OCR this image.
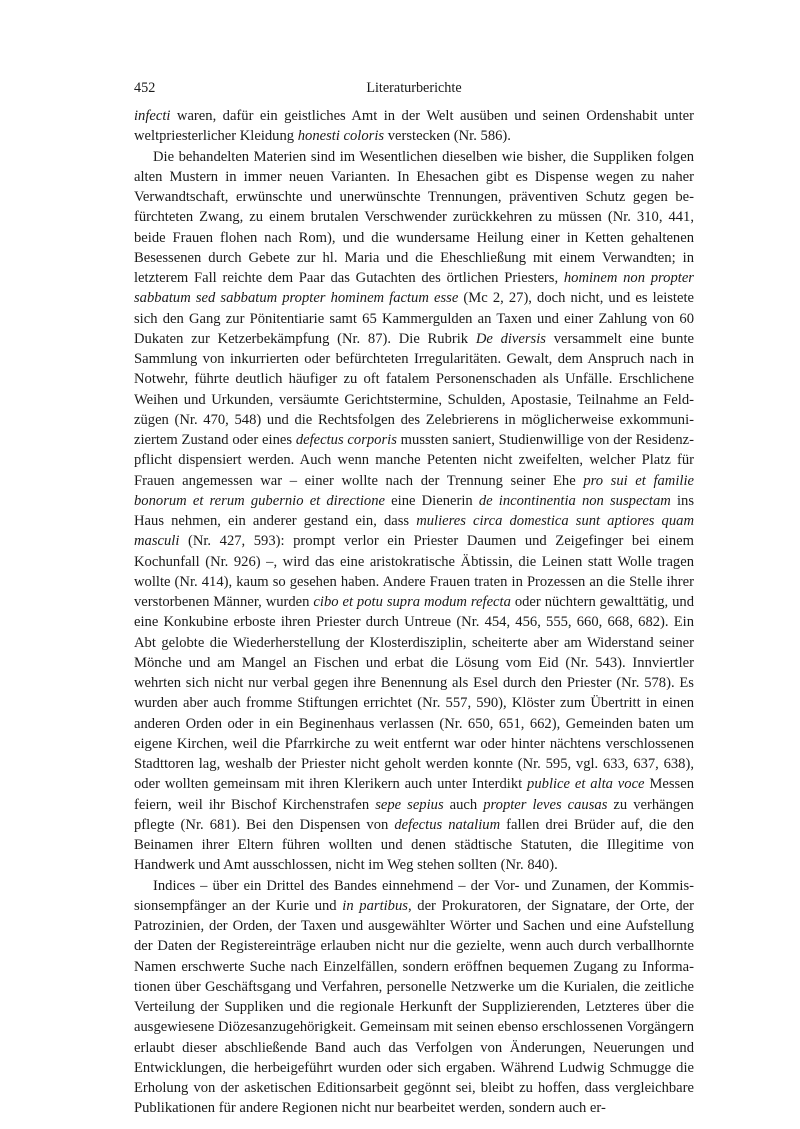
452	Literaturberichte

infecti waren, dafür ein geistliches Amt in der Welt ausüben und seinen Ordenshabit unter weltpriesterlicher Kleidung honesti coloris verstecken (Nr. 586).

Die behandelten Materien sind im Wesentlichen dieselben wie bisher, die Suppliken folgen alten Mustern in immer neuen Varianten. In Ehesachen gibt es Dispense wegen zu naher Verwandtschaft, erwünschte und unerwünschte Trennungen, präventiven Schutz gegen befürchteten Zwang, zu einem brutalen Verschwender zurückkehren zu müssen (Nr. 310, 441, beide Frauen flohen nach Rom), und die wundersame Heilung einer in Ketten gehaltenen Besessenen durch Gebete zur hl. Maria und die Eheschließung mit einem Verwandten; in letzterem Fall reichte dem Paar das Gutachten des örtlichen Priesters, hominem non propter sabbatum sed sabbatum propter hominem factum esse (Mc 2, 27), doch nicht, und es leistete sich den Gang zur Pönitentiarie samt 65 Kammergulden an Taxen und einer Zahlung von 60 Dukaten zur Ketzerbekämpfung (Nr. 87). Die Rubrik De diversis versammelt eine bunte Sammlung von inkurrierten oder befürchteten Irregularitäten. Gewalt, dem Anspruch nach in Notwehr, führte deutlich häufiger zu oft fatalem Personenschaden als Unfälle. Erschlichene Weihen und Urkunden, versäumte Gerichtstermine, Schulden, Apostasie, Teilnahme an Feldzügen (Nr. 470, 548) und die Rechtsfolgen des Zelebrierens in möglicherweise exkommuniziertem Zustand oder eines defectus corporis mussten saniert, Studienwillige von der Residenzpflicht dispensiert werden. Auch wenn manche Petenten nicht zweifelten, welcher Platz für Frauen angemessen war – einer wollte nach der Trennung seiner Ehe pro sui et familie bonorum et rerum gubernio et directione eine Dienerin de incontinentia non suspectam ins Haus nehmen, ein anderer gestand ein, dass mulieres circa domestica sunt aptiores quam masculi (Nr. 427, 593): prompt verlor ein Priester Daumen und Zeigefinger bei einem Kochunfall (Nr. 926) –, wird das eine aristokratische Äbtissin, die Leinen statt Wolle tragen wollte (Nr. 414), kaum so gesehen haben. Andere Frauen traten in Prozessen an die Stelle ihrer verstorbenen Männer, wurden cibo et potu supra modum refecta oder nüchtern gewalttätig, und eine Konkubine erboste ihren Priester durch Untreue (Nr. 454, 456, 555, 660, 668, 682). Ein Abt gelobte die Wiederherstellung der Klosterdisziplin, scheiterte aber am Widerstand seiner Mönche und am Mangel an Fischen und erbat die Lösung vom Eid (Nr. 543). Innviertler wehrten sich nicht nur verbal gegen ihre Benennung als Esel durch den Priester (Nr. 578). Es wurden aber auch fromme Stiftungen errichtet (Nr. 557, 590), Klöster zum Übertritt in einen anderen Orden oder in ein Beginenhaus verlassen (Nr. 650, 651, 662), Gemeinden baten um eigene Kirchen, weil die Pfarrkirche zu weit entfernt war oder hinter nächtens verschlossenen Stadttoren lag, weshalb der Priester nicht geholt werden konnte (Nr. 595, vgl. 633, 637, 638), oder wollten gemeinsam mit ihren Klerikern auch unter Interdikt publice et alta voce Messen feiern, weil ihr Bischof Kirchenstrafen sepe sepius auch propter leves causas zu verhängen pflegte (Nr. 681). Bei den Dispensen von defectus natalium fallen drei Brüder auf, die den Beinamen ihrer Eltern führen wollten und denen städtische Statuten, die Illegitime von Handwerk und Amt ausschlossen, nicht im Weg stehen sollten (Nr. 840).

Indices – über ein Drittel des Bandes einnehmend – der Vor- und Zunamen, der Kommissionsempfänger an der Kurie und in partibus, der Prokuratoren, der Signatare, der Orte, der Patrozinien, der Orden, der Taxen und ausgewählter Wörter und Sachen und eine Aufstellung der Daten der Registereinträge erlauben nicht nur die gezielte, wenn auch durch verballhornte Namen erschwerte Suche nach Einzelfällen, sondern eröffnen bequemen Zugang zu Informationen über Geschäftsgang und Verfahren, personelle Netzwerke um die Kurialen, die zeitliche Verteilung der Suppliken und die regionale Herkunft der Supplizierenden, Letzteres über die ausgewiesene Diözesanzugehörigkeit. Gemeinsam mit seinen ebenso erschlossenen Vorgängern erlaubt dieser abschließende Band auch das Verfolgen von Änderungen, Neuerungen und Entwicklungen, die herbeigeführt wurden oder sich ergaben. Während Ludwig Schmugge die Erholung von der asketischen Editionsarbeit gegönnt sei, bleibt zu hoffen, dass vergleichbare Publikationen für andere Regionen nicht nur bearbeitet werden, sondern auch er-
